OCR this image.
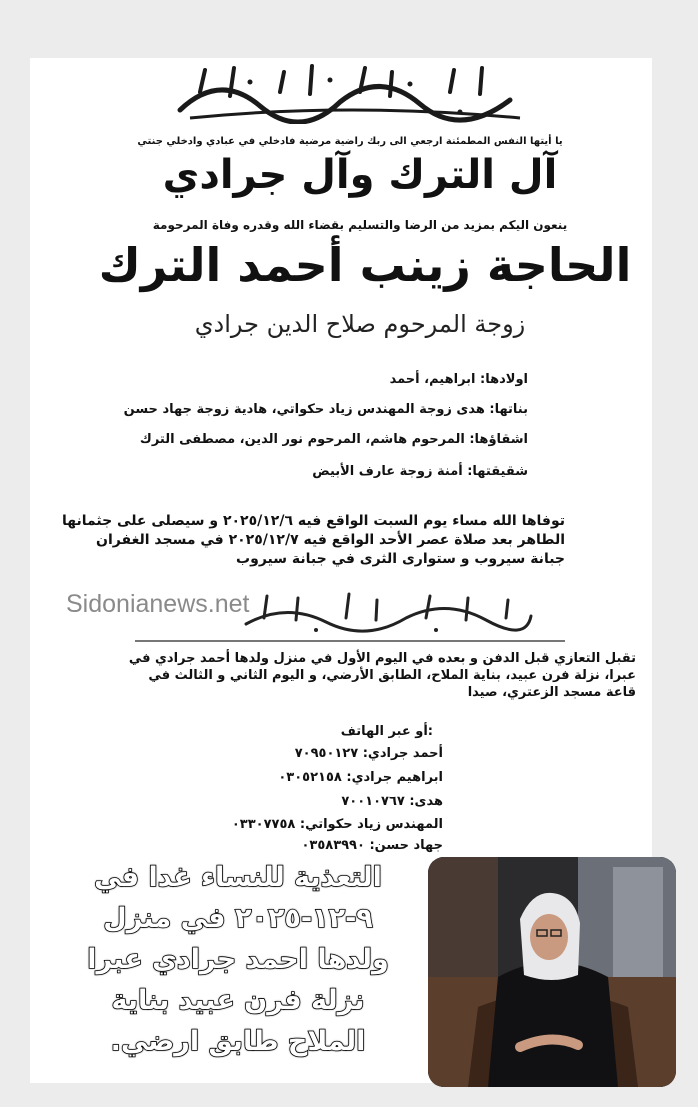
يا أيتها النفس المطمئنة ارجعي الى ربك راضية مرضية فادخلي في عبادي وادخلي جنتي
آل الترك وآل جرادي
ينعون اليكم بمزيد من الرضا والتسليم بقضاء الله وقدره وفاة المرحومة
الحاجة زينب أحمد الترك
زوجة المرحوم صلاح الدين جرادي
اولادها: ابراهيم، أحمد
بناتها: هدى زوجة المهندس زياد حكواتي، هادية زوجة جهاد حسن
اشقاؤها: المرحوم هاشم، المرحوم نور الدين، مصطفى الترك
شقيقتها: أمنة زوجة عارف الأبيض
توفاها الله مساء يوم السبت الواقع فيه ٢٠٢٥/١٢/٦ و سيصلى على جثمانها
الطاهر بعد صلاة عصر الأحد الواقع فيه ٢٠٢٥/١٢/٧ في مسجد الغفران
جبانة سيروب و ستوارى الثرى في جبانة سيروب
Sidonianews.net
تقبل التعازي قبل الدفن و بعده في اليوم الأول في منزل ولدها أحمد جرادي في
عبرا، نزلة فرن عبيد، بناية الملاح، الطابق الأرضي، و اليوم الثاني و الثالث في
قاعة مسجد الزعتري، صيدا
:أو عبر الهاتف
أحمد جرادي: ٧٠٩٥٠١٢٧
ابراهيم جرادي: ٠٣٠٥٢١٥٨
هدى: ٧٠٠١٠٧٦٧
المهندس زياد حكواتي: ٠٣٣٠٧٧٥٨
جهاد حسن: ٠٣٥٨٣٩٩٠
التعذية للنساء غدا في
٩-١٢-٢٠٢٥ في منزل
ولدها احمد جرادي عبرا
نزلة فرن عبيد بناية
الملاح طابق ارضي.
